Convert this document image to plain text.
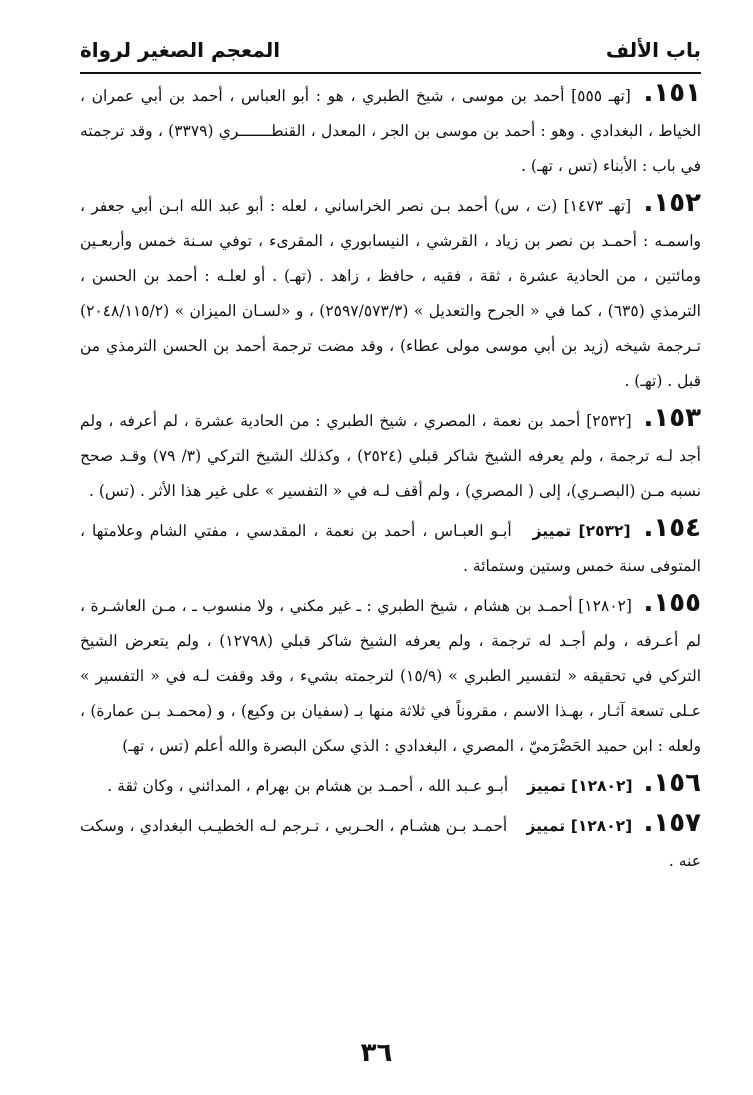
باب الألف
المعجم الصغير لرواة

١٥١. [تهـ ٥٥٥] أحمد بن موسى ، شيخ الطبري ، هو : أبو العباس ، أحمد بن أبي عمران ، الخياط ، البغدادي . وهو : أحمد بن موسى بن الجر ، المعدل ، القنطـــــــري (٣٣٧٩) ، وقد ترجمته في باب : الأبناء (تس ، تهـ) .

١٥٢. [تهـ ١٤٧٣] (ت ، س) أحمد بـن نصر الخراساني ، لعله : أبو عبد الله ابـن أبي جعفر ، واسمـه : أحمـد بن نصر بن زياد ، القرشي ، النيسابوري ، المقرىء ، توفي سـنة خمس وأربعـين ومائتين ، من الحادية عشرة ، ثقة ، فقيه ، حافظ ، زاهد . (تهـ) . أو لعلـه : أحمد بن الحسن ، الترمذي (٦٣٥) ، كما في « الجرح والتعديل » (٢٥٩٧/٥٧٣/٣) ، و «لسـان الميزان » (٢٠٤٨/١١٥/٢) تـرجمة شيخه (زيد بن أبي موسى مولى عطاء) ، وقد مضت ترجمة أحمد بن الحسن الترمذي من قبل . (تهـ) .

١٥٣. [٢٥٣٢] أحمد بن نعمة ، المصري ، شيخ الطبري : من الحادية عشرة ، لم أعرفه ، ولم أجد لـه ترجمة ، ولم يعرفه الشيخ شاكر قبلي (٢٥٢٤) ، وكذلك الشيخ التركي (٣/ ٧٩) وقـد صحح نسبه مـن (البصـري)، إلى ( المصري) ، ولم أقف لـه في « التفسير » على غير هذا الأثر . (تس) .

١٥٤. [٢٥٣٢] تمييز أبـو العبـاس ، أحمد بن نعمة ، المقدسي ، مفتي الشام وعلامتها ، المتوفى سنة خمس وستين وستمائة .

١٥٥. [١٢٨٠٢] أحمـد بن هشام ، شيخ الطبري : ـ غير مكني ، ولا منسوب ـ ، مـن العاشـرة ، لم أعـرفه ، ولم أجـد له ترجمة ، ولم يعرفه الشيخ شاكر قبلي (١٢٧٩٨) ، ولم يتعرض الشيخ التركي في تحقيقه « لتفسير الطبري » (١٥/٩) لترجمته بشيء ، وقد وقفت لـه في « التفسير » عـلى تسعة آثـار ، بهـذا الاسم ، مقروناً في ثلاثة منها بـ (سفيان بن وكيع) ، و (محمـد بـن عمارة) ، ولعله : ابن حميد الحَضْرَميّ ، المصري ، البغدادي : الذي سكن البصرة والله أعلم (تس ، تهـ)

١٥٦. [١٢٨٠٢] تمييز أبـو عـبد الله ، أحمـد بن هشام بن بهرام ، المدائني ، وكان ثقة .

١٥٧. [١٢٨٠٢] تمييز أحمـد بـن هشـام ، الحـربي ، تـرجم لـه الخطيـب البغدادي ، وسكت عنه .

٣٦
